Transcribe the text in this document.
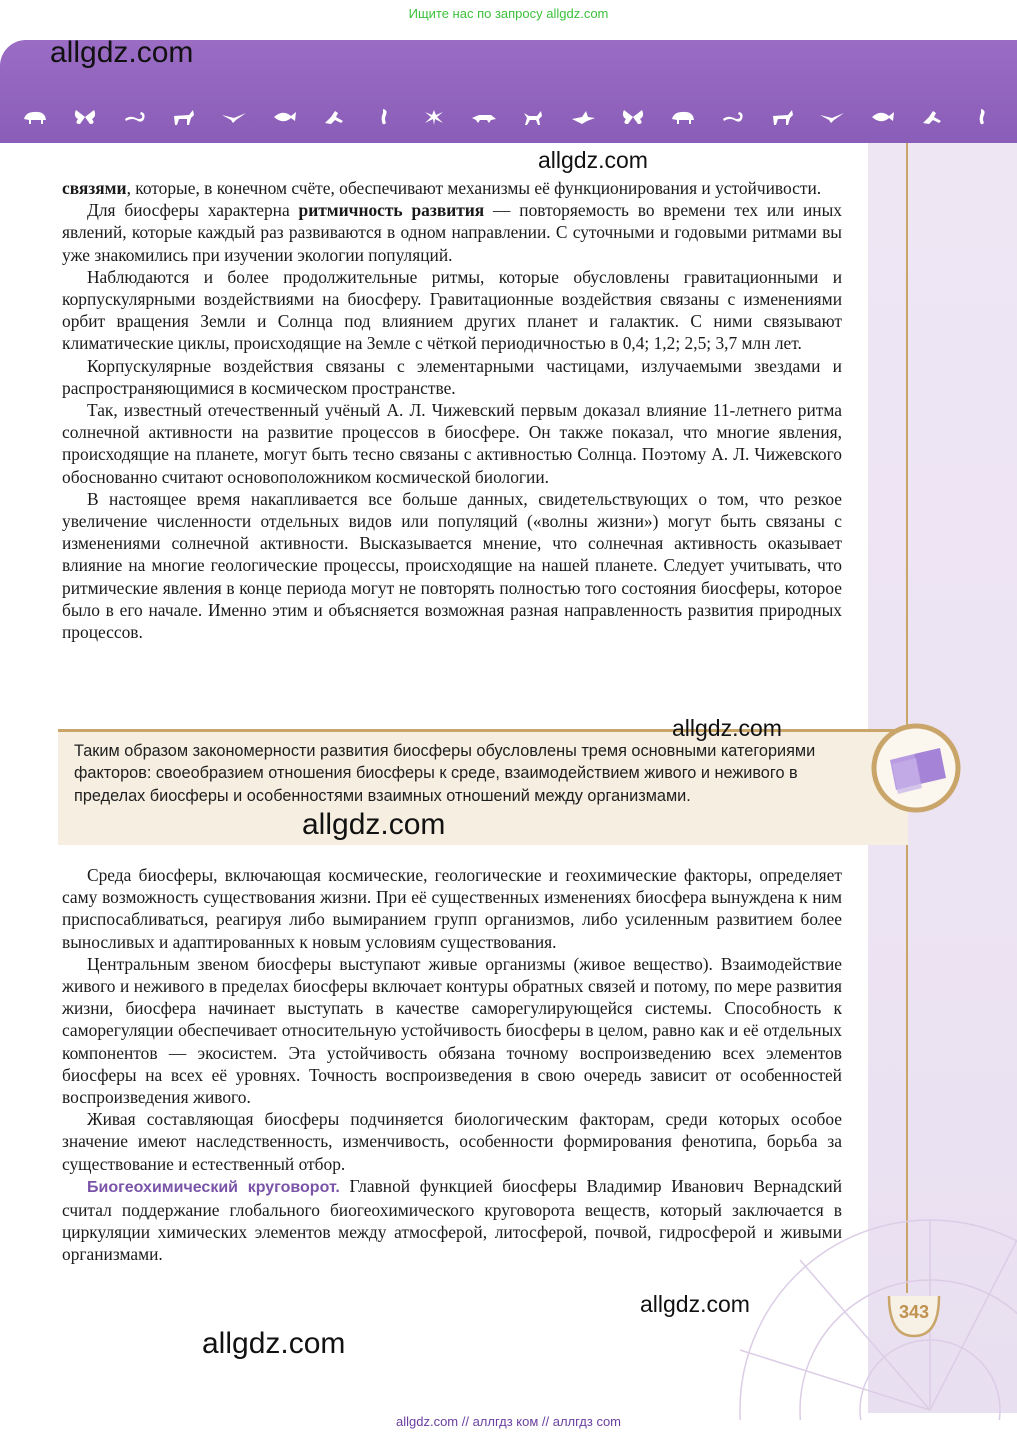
Ищите нас по запросу allgdz.com
allgdz.com
allgdz.com
allgdz.com
allgdz.com
allgdz.com
allgdz.com

связями, которые, в конечном счёте, обеспечивают механизмы её функционирования и устойчивости.

Для биосферы характерна ритмичность развития — повторяемость во времени тех или иных явлений, которые каждый раз развиваются в одном направлении. С суточными и годовыми ритмами вы уже знакомились при изучении экологии популяций.

Наблюдаются и более продолжительные ритмы, которые обусловлены гравитационными и корпускулярными воздействиями на биосферу. Гравитационные воздействия связаны с изменениями орбит вращения Земли и Солнца под влиянием других планет и галактик. С ними связывают климатические циклы, происходящие на Земле с чёткой периодичностью в 0,4; 1,2; 2,5; 3,7 млн лет.

Корпускулярные воздействия связаны с элементарными частицами, излучаемыми звездами и распространяющимися в космическом пространстве.

Так, известный отечественный учёный А. Л. Чижевский первым доказал влияние 11-летнего ритма солнечной активности на развитие процессов в биосфере. Он также показал, что многие явления, происходящие на планете, могут быть тесно связаны с активностью Солнца. Поэтому А. Л. Чижевского обоснованно считают основоположником космической биологии.

В настоящее время накапливается все больше данных, свидетельствующих о том, что резкое увеличение численности отдельных видов или популяций («волны жизни») могут быть связаны с изменениями солнечной активности. Высказывается мнение, что солнечная активность оказывает влияние на многие геологические процессы, происходящие на нашей планете. Следует учитывать, что ритмические явления в конце периода могут не повторять полностью того состояния биосферы, которое было в его начале. Именно этим и объясняется возможная разная направленность развития природных процессов.

Таким образом закономерности развития биосферы обусловлены тремя основными категориями факторов: своеобразием отношения биосферы к среде, взаимодействием живого и неживого в пределах биосферы и особенностями взаимных отношений между организмами.

Среда биосферы, включающая космические, геологические и геохимические факторы, определяет саму возможность существования жизни. При её существенных изменениях биосфера вынуждена к ним приспосабливаться, реагируя либо вымиранием групп организмов, либо усиленным развитием более выносливых и адаптированных к новым условиям существования.

Центральным звеном биосферы выступают живые организмы (живое вещество). Взаимодействие живого и неживого в пределах биосферы включает контуры обратных связей и потому, по мере развития жизни, биосфера начинает выступать в качестве саморегулирующейся системы. Способность к саморегуляции обеспечивает относительную устойчивость биосферы в целом, равно как и её отдельных компонентов — экосистем. Эта устойчивость обязана точному воспроизведению всех элементов биосферы на всех её уровнях. Точность воспроизведения в свою очередь зависит от особенностей воспроизведения живого.

Живая составляющая биосферы подчиняется биологическим факторам, среди которых особое значение имеют наследственность, изменчивость, особенности формирования фенотипа, борьба за существование и естественный отбор.

Биогеохимический круговорот. Главной функцией биосферы Владимир Иванович Вернадский считал поддержание глобального биогеохимического круговорота веществ, который заключается в циркуляции химических элементов между атмосферой, литосферой, почвой, гидросферой и живыми организмами.

343
allgdz.com // аллгдз ком // аллгдз com
